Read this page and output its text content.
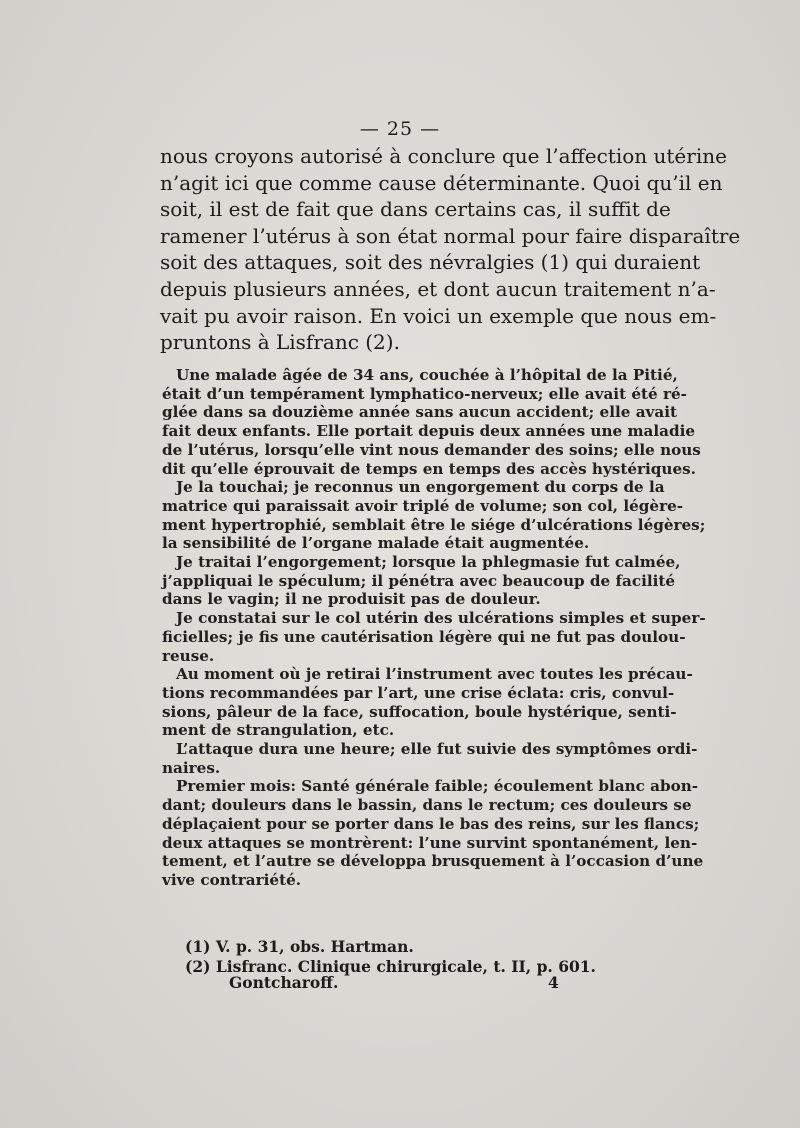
— 25 —
nous croyons autorisé à conclure que l’affection utérine
n’agit ici que comme cause déterminante. Quoi qu’il en
soit, il est de fait que dans certains cas, il suffit de
ramener l’utérus à son état normal pour faire disparaître
soit des attaques, soit des névralgies (1) qui duraient
depuis plusieurs années, et dont aucun traitement n’a-
vait pu avoir raison. En voici un exemple que nous em-
pruntons à Lisfranc (2).
Une malade âgée de 34 ans, couchée à l’hôpital de la Pitié,
était d’un tempérament lymphatico-nerveux; elle avait été ré-
glée dans sa douzième année sans aucun accident; elle avait
fait deux enfants. Elle portait depuis deux années une maladie
de l’utérus, lorsqu’elle vint nous demander des soins; elle nous
dit qu’elle éprouvait de temps en temps des accès hystériques.
Je la touchai; je reconnus un engorgement du corps de la
matrice qui paraissait avoir triplé de volume; son col, légère-
ment hypertrophié, semblait être le siége d’ulcérations légères;
la sensibilité de l’organe malade était augmentée.
Je traitai l’engorgement; lorsque la phlegmasie fut calmée,
j’appliquai le spéculum; il pénétra avec beaucoup de facilité
dans le vagin; il ne produisit pas de douleur.
Je constatai sur le col utérin des ulcérations simples et super-
ficielles; je fis une cautérisation légère qui ne fut pas doulou-
reuse.
Au moment où je retirai l’instrument avec toutes les précau-
tions recommandées par l’art, une crise éclata: cris, convul-
sions, pâleur de la face, suffocation, boule hystérique, senti-
ment de strangulation, etc.
L’attaque dura une heure; elle fut suivie des symptômes ordi-
naires.
Premier mois: Santé générale faible; écoulement blanc abon-
dant; douleurs dans le bassin, dans le rectum; ces douleurs se
déplaçaient pour se porter dans le bas des reins, sur les flancs;
deux attaques se montrèrent: l’une survint spontanément, len-
tement, et l’autre se développa brusquement à l’occasion d’une
vive contrariété.
(1) V. p. 31, obs. Hartman.
(2) Lisfranc. Clinique chirurgicale, t. II, p. 601.
Gontcharoff.	4
